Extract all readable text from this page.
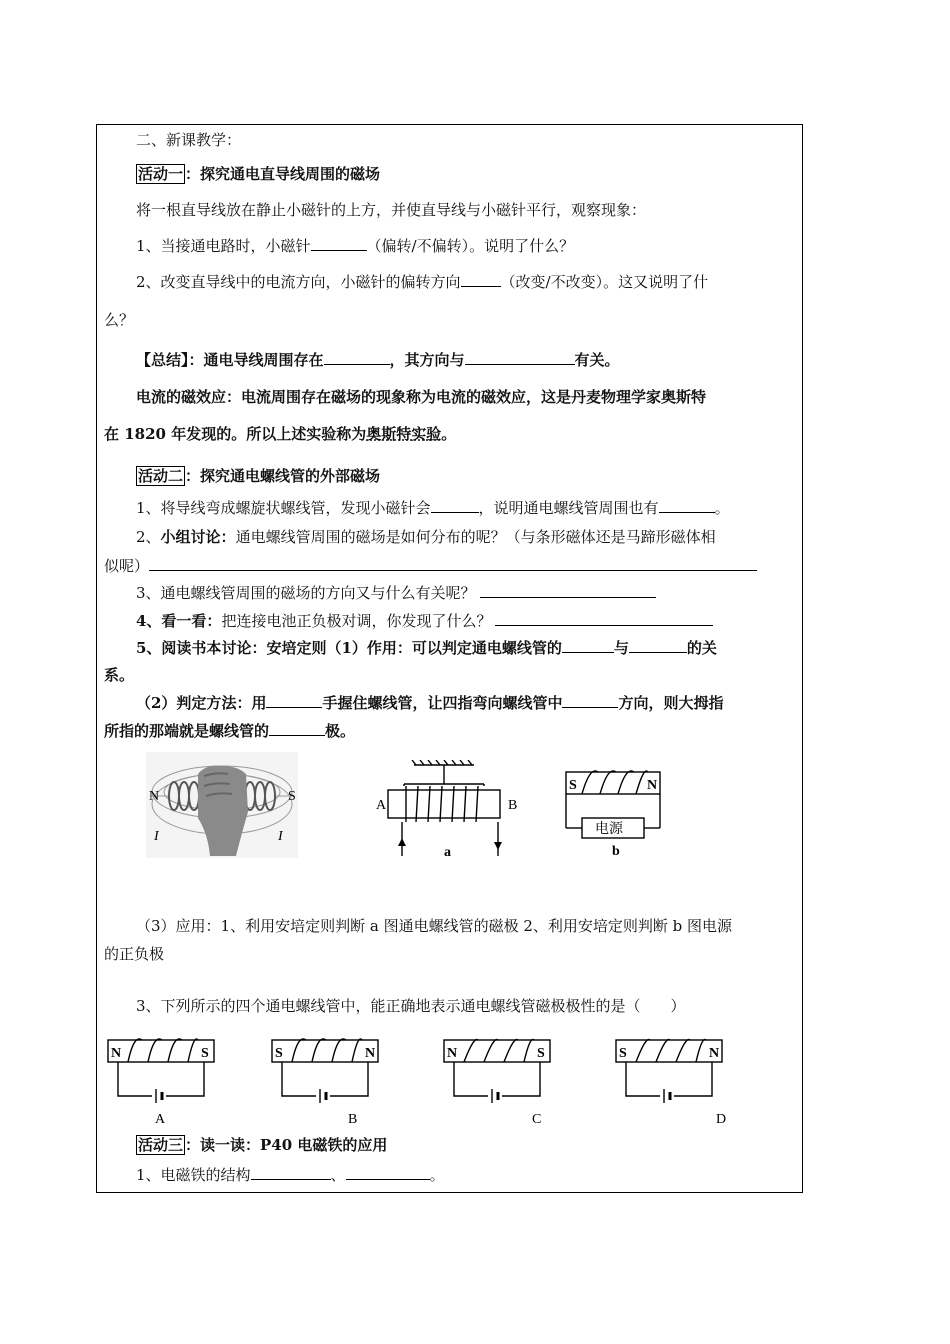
二、新课教学：
活动一 ：探究通电直导线周围的磁场
将一根直导线放在静止小磁针的上方，并使直导线与小磁针平行，观察现象：
1、当接通电路时，小磁针	（偏转/不偏转）。说明了什么？
2、改变直导线中的电流方向，小磁针的偏转方向	（改变/不改变）。这又说明了什
么？
【总结】：通电导线周围存在	，其方向与	有关。
电流的磁效应：电流周围存在磁场的现象称为电流的磁效应，这是丹麦物理学家奥斯特
在 1820 年发现的。所以上述实验称为奥斯特实验。
活动二 ：探究通电螺线管的外部磁场
1、将导线弯成螺旋状螺线管，发现小磁针会	，说明通电螺线管周围也有	。
2、小组讨论：通电螺线管周围的磁场是如何分布的呢？（与条形磁体还是马蹄形磁体相
似呢）
3、通电螺线管周围的磁场的方向又与什么有关呢？
4、看一看：把连接电池正负极对调，你发现了什么？
5、阅读书本讨论：安培定则（1）作用：可以判定通电螺线管的	与	的关
系。
（2）判定方法：用	手握住螺线管，让四指弯向螺线管中	方向，则大拇指
所指的那端就是螺线管的	极。
N	S
I	I
A	B
a
S	N
电源
b
（3）应用：1、利用安培定则判断 a 图通电螺线管的磁极 2、利用安培定则判断 b 图电源
的正负极
3、下列所示的四个通电螺线管中，能正确地表示通电螺线管磁极极性的是（　　）
N	S
A
S	N
B
N	S
C
S	N
D
活动三 ：读一读：P40 电磁铁的应用
1、电磁铁的结构	、	。
